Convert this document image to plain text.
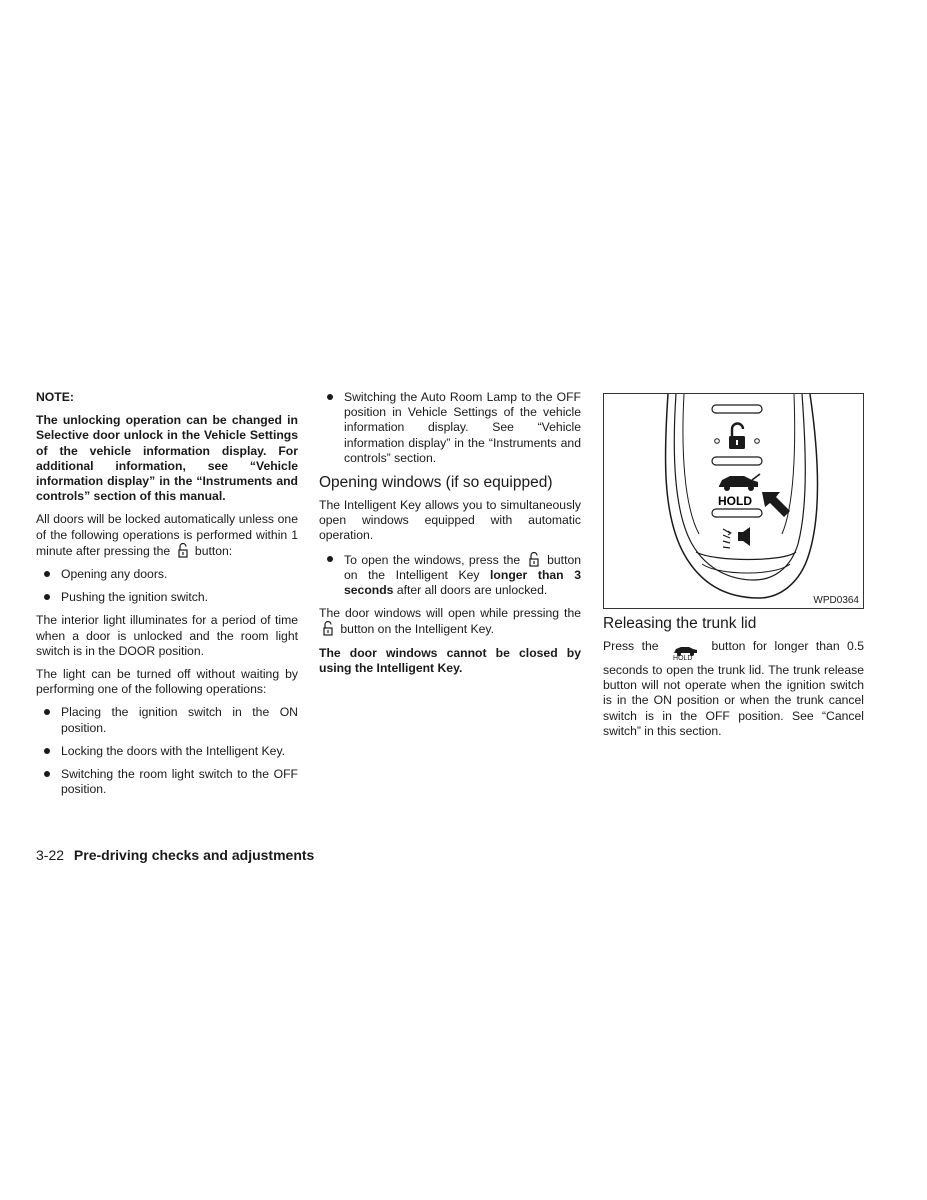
NOTE:
The unlocking operation can be changed in Selective door unlock in the Vehicle Settings of the vehicle information display. For additional information, see “Vehicle information display” in the “Instruments and controls” section of this manual.

All doors will be locked automatically unless one of the following operations is performed within 1 minute after pressing the button:

Opening any doors.
Pushing the ignition switch.

The interior light illuminates for a period of time when a door is unlocked and the room light switch is in the DOOR position.

The light can be turned off without waiting by performing one of the following operations:

Placing the ignition switch in the ON position.
Locking the doors with the Intelligent Key.
Switching the room light switch to the OFF position.
Switching the Auto Room Lamp to the OFF position in Vehicle Settings of the vehicle information display. See “Vehicle information display” in the “Instruments and controls” section.
Opening windows (if so equipped)

The Intelligent Key allows you to simultaneously open windows equipped with automatic operation.

To open the windows, press the button on the Intelligent Key longer than 3 seconds after all doors are unlocked.

The door windows will open while pressing the  button on the Intelligent Key.

The door windows cannot be closed by using the Intelligent Key.

HOLD
WPD0364
Releasing the trunk lid

Press the
HOLD
button for longer than 0.5 seconds to open the trunk lid. The trunk release button will not operate when the ignition switch is in the ON position or when the trunk cancel switch is in the OFF position. See “Cancel switch” in this section.

3-22 Pre-driving checks and adjustments
